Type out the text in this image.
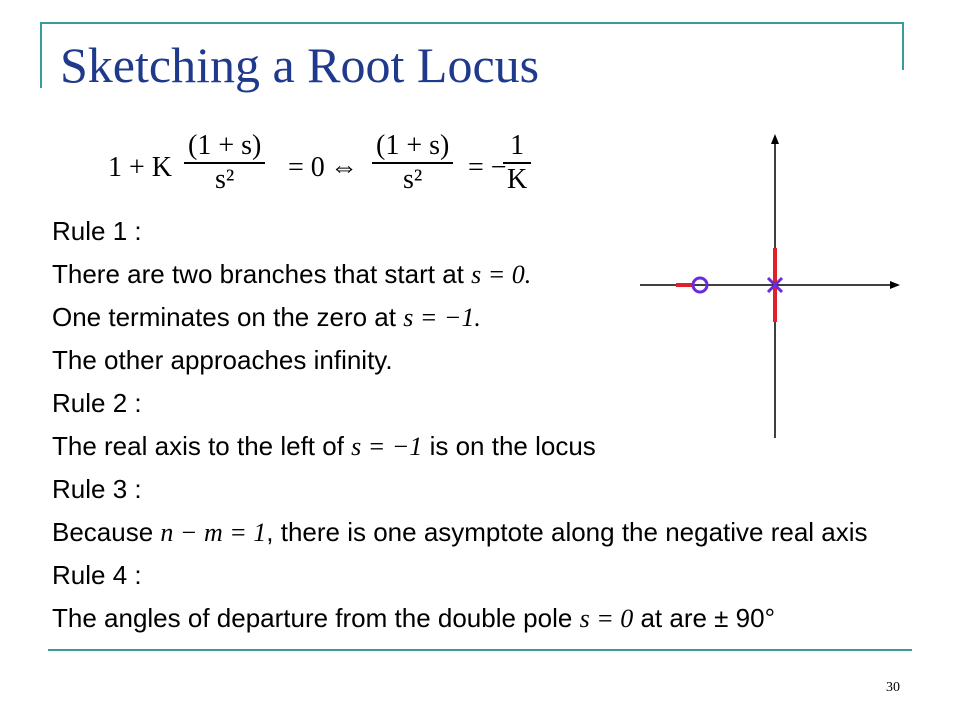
Sketching a Root Locus
1 + K $\frac{(1 + s)}{\text{s²}} = 0$ ⇔ $\frac{(1 + s)}{\text{s²}}$ = −
$\frac{1}{K}$
Rule 1 :
There are two branches that start at s = 0.
One terminates on the zero at s = −1.
The other approaches infinity.
Rule 2 :
The real axis to the left of s = −1 is on the locus
Rule 3 :
Because n − m = 1, there is one asymptote along the negative real axis
Rule 4 :
The angles of departure from the double pole s = 0 at are ± 90°
30
